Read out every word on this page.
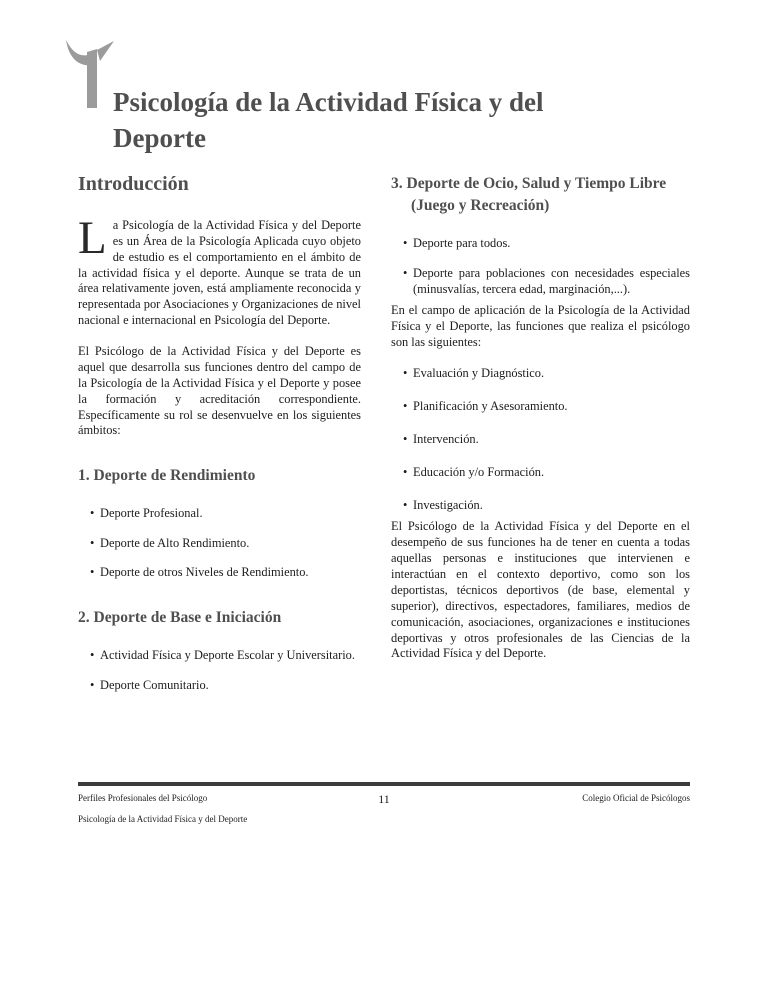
Psicología de la Actividad Física y del Deporte
Introducción

La Psicología de la Actividad Física y del Deporte es un Área de la Psicología Aplicada cuyo objeto de estudio es el comportamiento en el ámbito de la actividad física y el deporte. Aunque se trata de un área relativamente joven, está ampliamente reconocida y representada por Asociaciones y Organizaciones de nivel nacional e internacional en Psicología del Deporte.

El Psicólogo de la Actividad Física y del Deporte es aquel que desarrolla sus funciones dentro del campo de la Psicología de la Actividad Física y el Deporte y posee la formación y acreditación correspondiente. Específicamente su rol se desenvuelve en los siguientes ámbitos:

1. Deporte de Rendimiento
• Deporte Profesional.
• Deporte de Alto Rendimiento.
• Deporte de otros Niveles de Rendimiento.
2. Deporte de Base e Iniciación
• Actividad Física y Deporte Escolar y Universitario.
• Deporte Comunitario.
3. Deporte de Ocio, Salud y Tiempo Libre (Juego y Recreación)
• Deporte para todos.
• Deporte para poblaciones con necesidades especiales (minusvalías, tercera edad, marginación,...).

En el campo de aplicación de la Psicología de la Actividad Física y el Deporte, las funciones que realiza el psicólogo son las siguientes:

• Evaluación y Diagnóstico.
• Planificación y Asesoramiento.
• Intervención.
• Educación y/o Formación.
• Investigación.

El Psicólogo de la Actividad Física y del Deporte en el desempeño de sus funciones ha de tener en cuenta a todas aquellas personas e instituciones que intervienen e interactúan en el contexto deportivo, como son los deportistas, técnicos deportivos (de base, elemental y superior), directivos, espectadores, familiares, medios de comunicación, asociaciones, organizaciones e instituciones deportivas y otros profesionales de las Ciencias de la Actividad Física y del Deporte.

Perfiles Profesionales del Psicólogo
Psicología de la Actividad Física y del Deporte
11	Colegio Oficial de Psicólogos
